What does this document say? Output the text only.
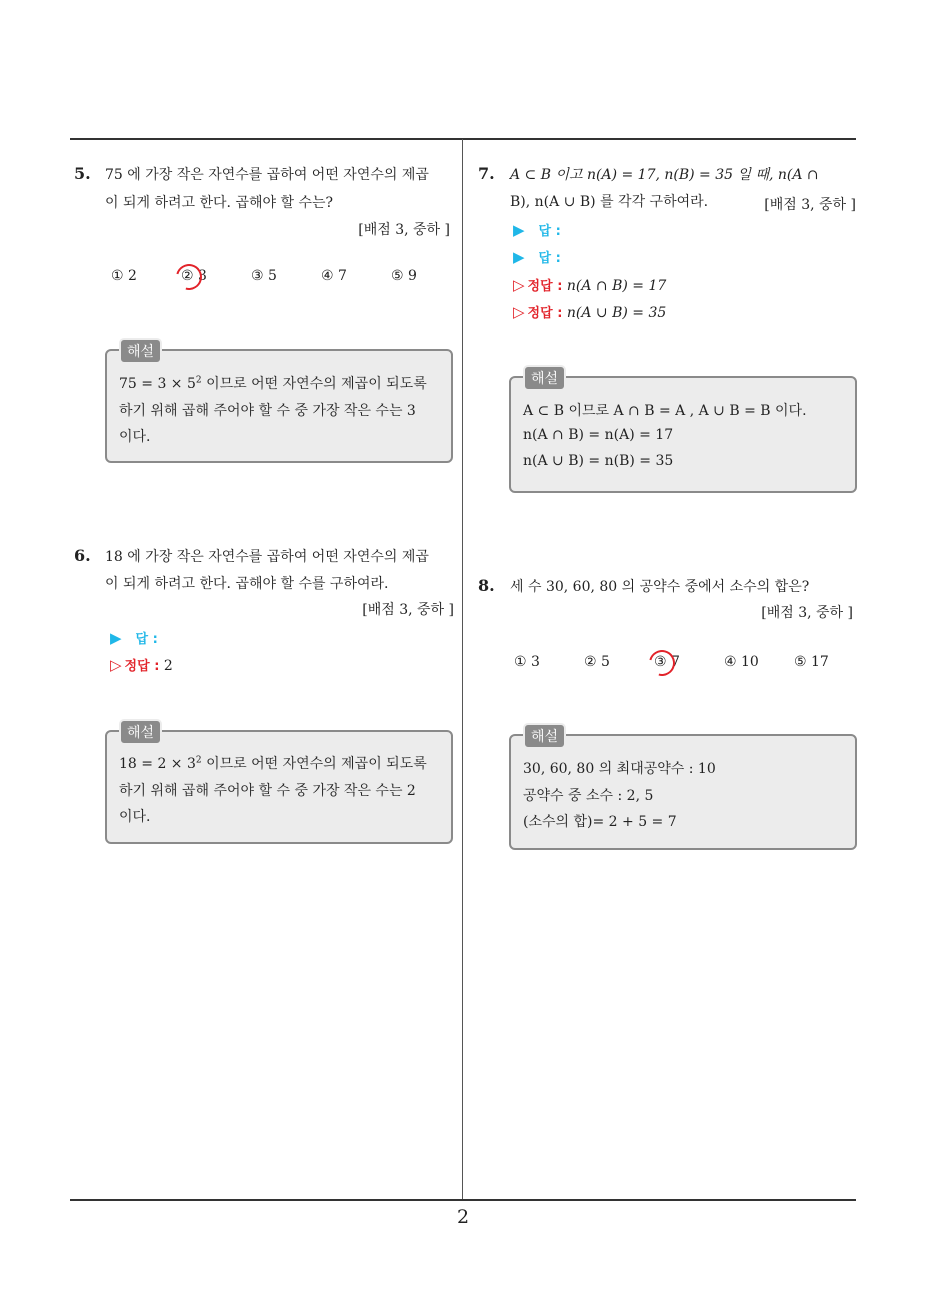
2
5. 75 에 가장 작은 자연수를 곱하여 어떤 자연수의 제곱
이 되게 하려고 한다. 곱해야 할 수는?
[배점 3, 중하 ]
① 2	② 3	③ 5	④ 7	⑤ 9
해설
$75 = 3 \times 5^2$ 이므로 어떤 자연수의 제곱이 되도록
하기 위해 곱해 주어야 할 수 중 가장 작은 수는 3
이다.
6. 18 에 가장 작은 자연수를 곱하여 어떤 자연수의 제곱
이 되게 하려고 한다. 곱해야 할 수를 구하여라.
[배점 3, 중하 ]
▶ 답 :
▷ 정답 : 2
해설
$18 = 2 \times 3^2$ 이므로 어떤 자연수의 제곱이 되도록
하기 위해 곱해 주어야 할 수 중 가장 작은 수는 2
이다.
7. A ⊂ B 이고 n(A) = 17, n(B) = 35 일 때, n(A ∩
B), n(A ∪ B) 를 각각 구하여라.	[배점 3, 중하 ]
▶ 답 :
▶ 답 :
▷ 정답 : n(A ∩ B) = 17
▷ 정답 : n(A ∪ B) = 35
해설
A ⊂ B 이므로 A ∩ B = A , A ∪ B = B 이다.
n(A ∩ B) = n(A) = 17
n(A ∪ B) = n(B) = 35
8. 세 수 30, 60, 80 의 공약수 중에서 소수의 합은?
[배점 3, 중하 ]
① 3	② 5	③ 7	④ 10	⑤ 17
해설
30, 60, 80 의 최대공약수 : 10
공약수 중 소수 : 2, 5
(소수의 합)= 2 + 5 = 7
